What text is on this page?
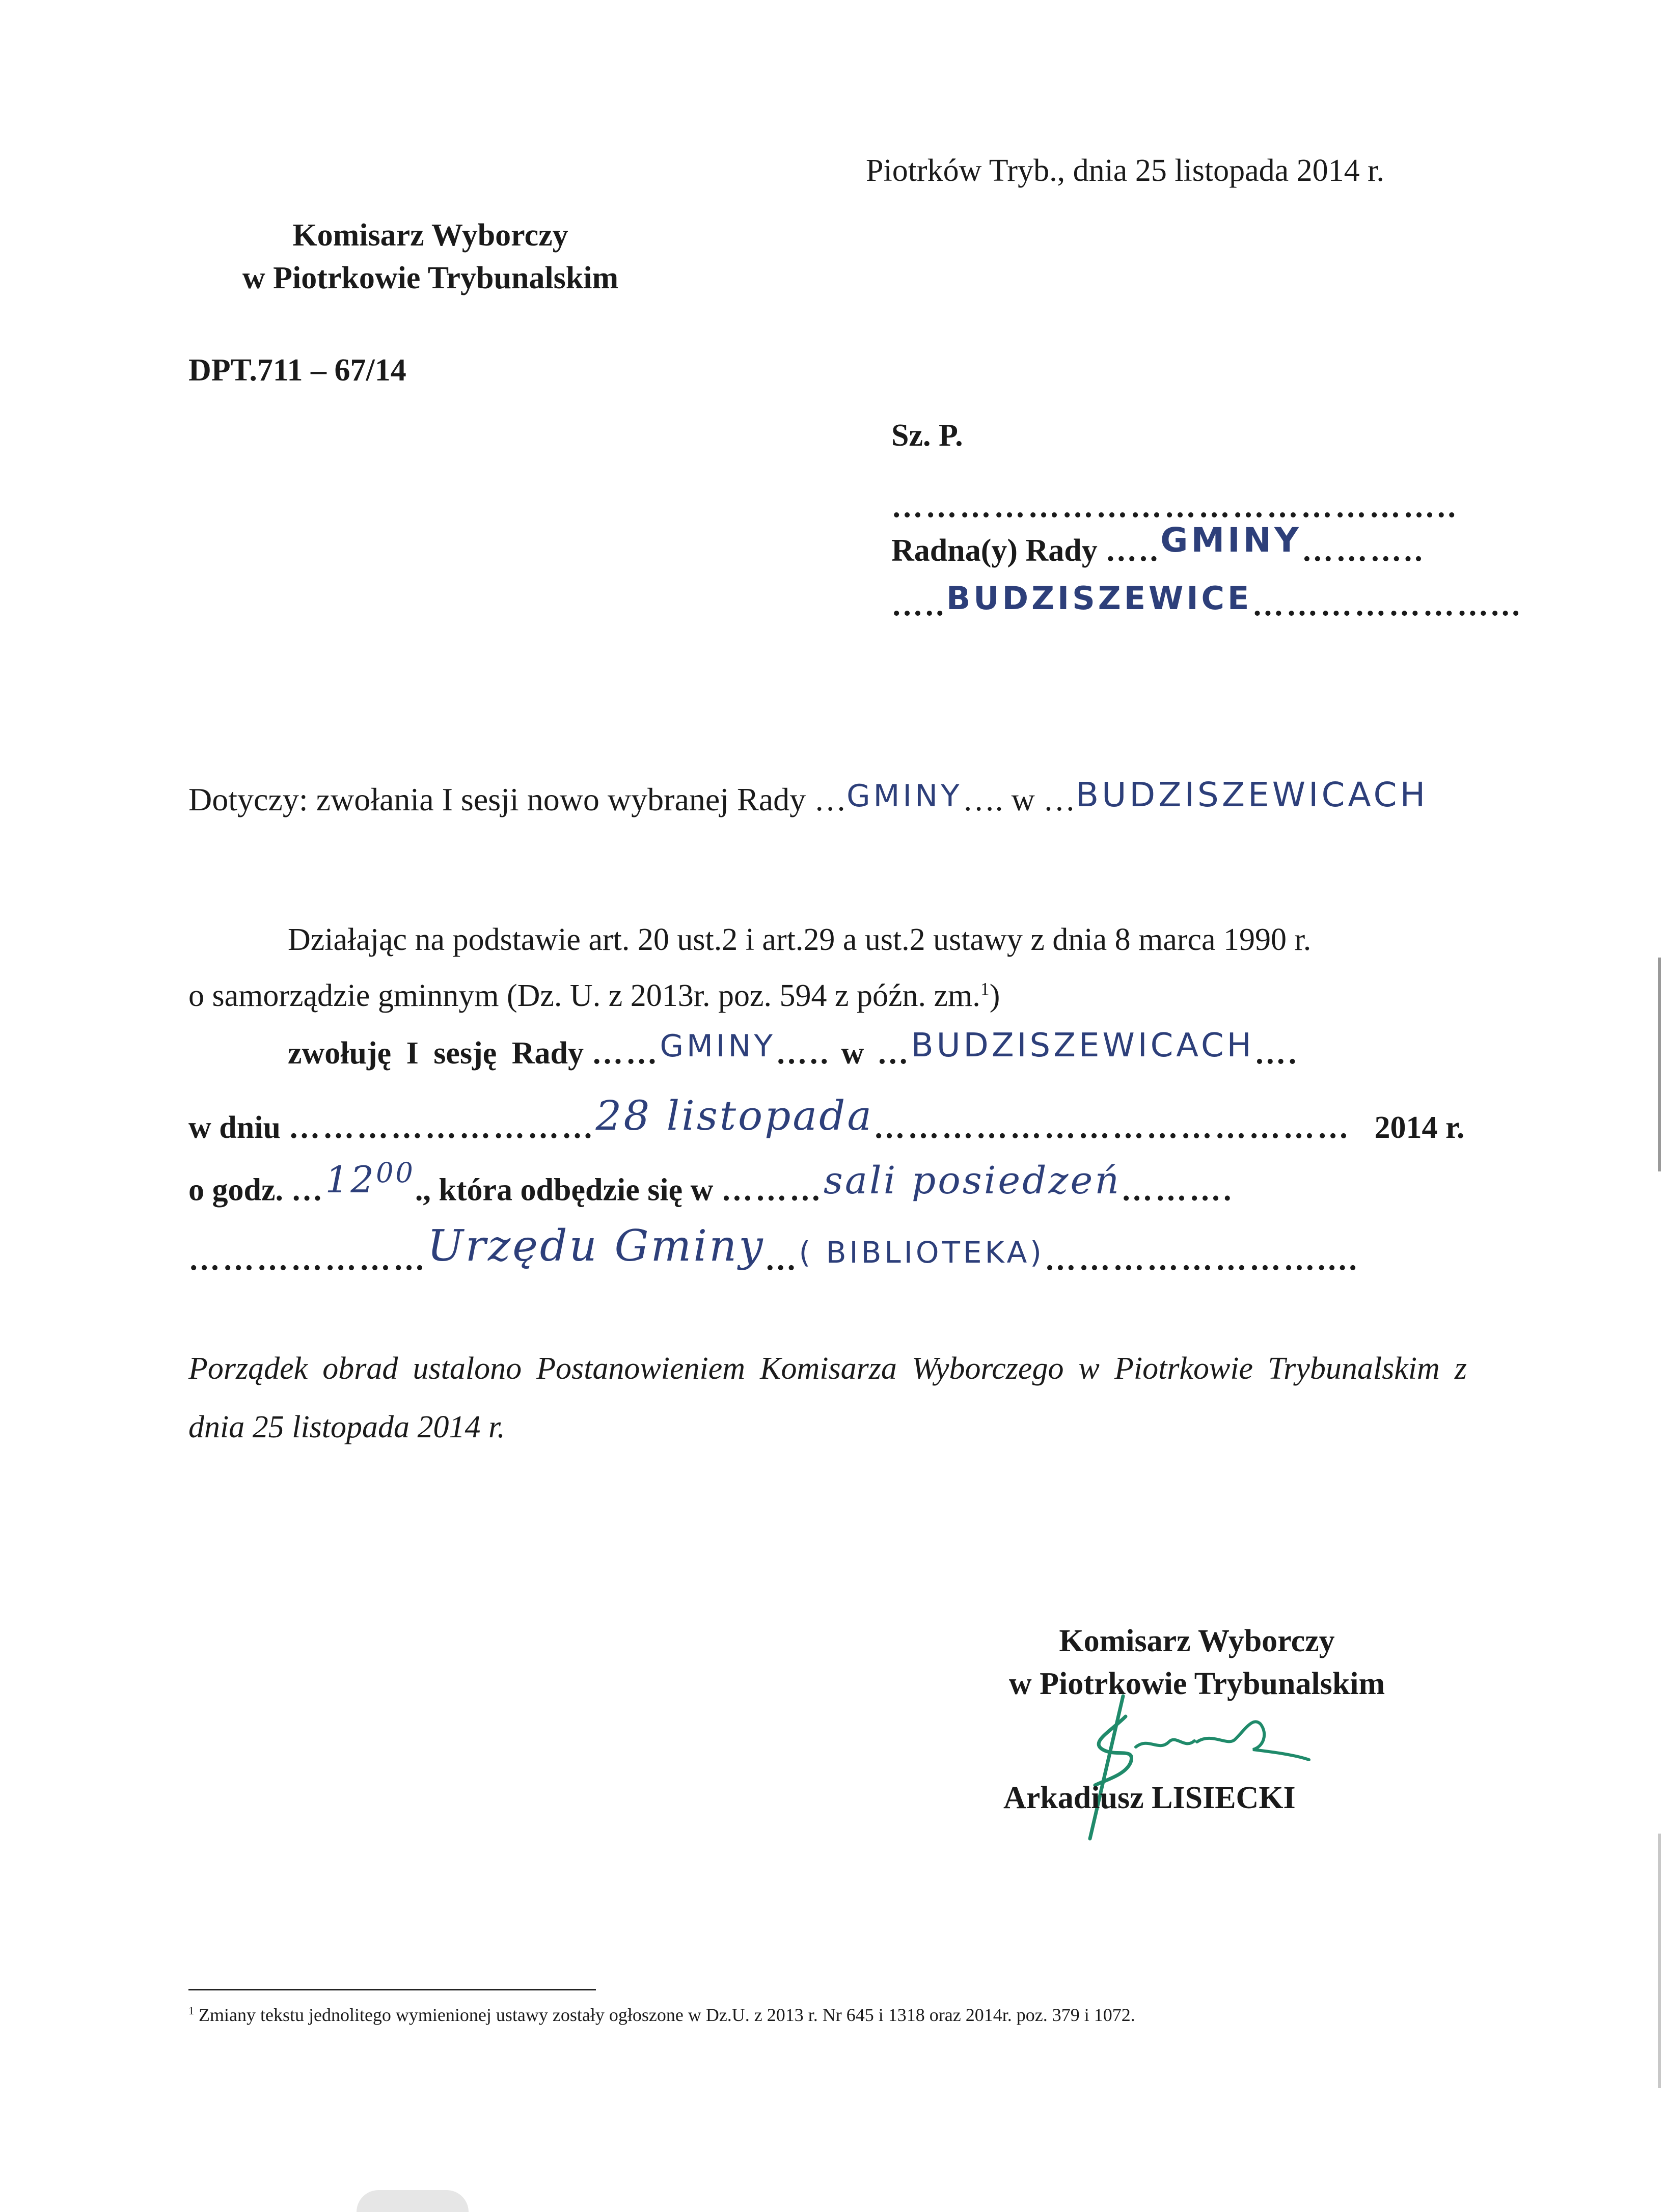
Piotrków Tryb., dnia 25 listopada 2014 r.
Komisarz Wyborczy
w Piotrkowie Trybunalskim
DPT.711 – 67/14
Sz. P.
…………………………………………..
Radna(y) Rady …..GMINY………..
…..BUDZISZEWICE…………………...
Dotyczy: zwołania I sesji nowo wybranej Rady …GMINY…. w …BUDZISZEWICACH
Działając na podstawie art. 20 ust.2 i art.29 a ust.2 ustawy z dnia 8 marca 1990 r.
o samorządzie gminnym (Dz. U. z 2013r. poz. 594 z późn. zm.$^1$)
zwołuję I sesję Rady ……GMINY….. w …BUDZISZEWICACH….
w dniu ………………………28 listopada…………………………………… 2014 r.
o godz. $\dots 12^{00}$., która odbędzie się w ………sali posiedzeń……….
…………………Urzędu Gminy…( BIBLIOTEKA)……………………....
Porządek obrad ustalono Postanowieniem Komisarza Wyborczego w Piotrkowie Trybunalskim z dnia 25 listopada 2014 r.
Komisarz Wyborczy
w Piotrkowie Trybunalskim
Arkadiusz LISIECKI
$^1$ Zmiany tekstu jednolitego wymienionej ustawy zostały ogłoszone w Dz.U. z 2013 r. Nr 645 i 1318 oraz 2014r. poz. 379 i 1072.
